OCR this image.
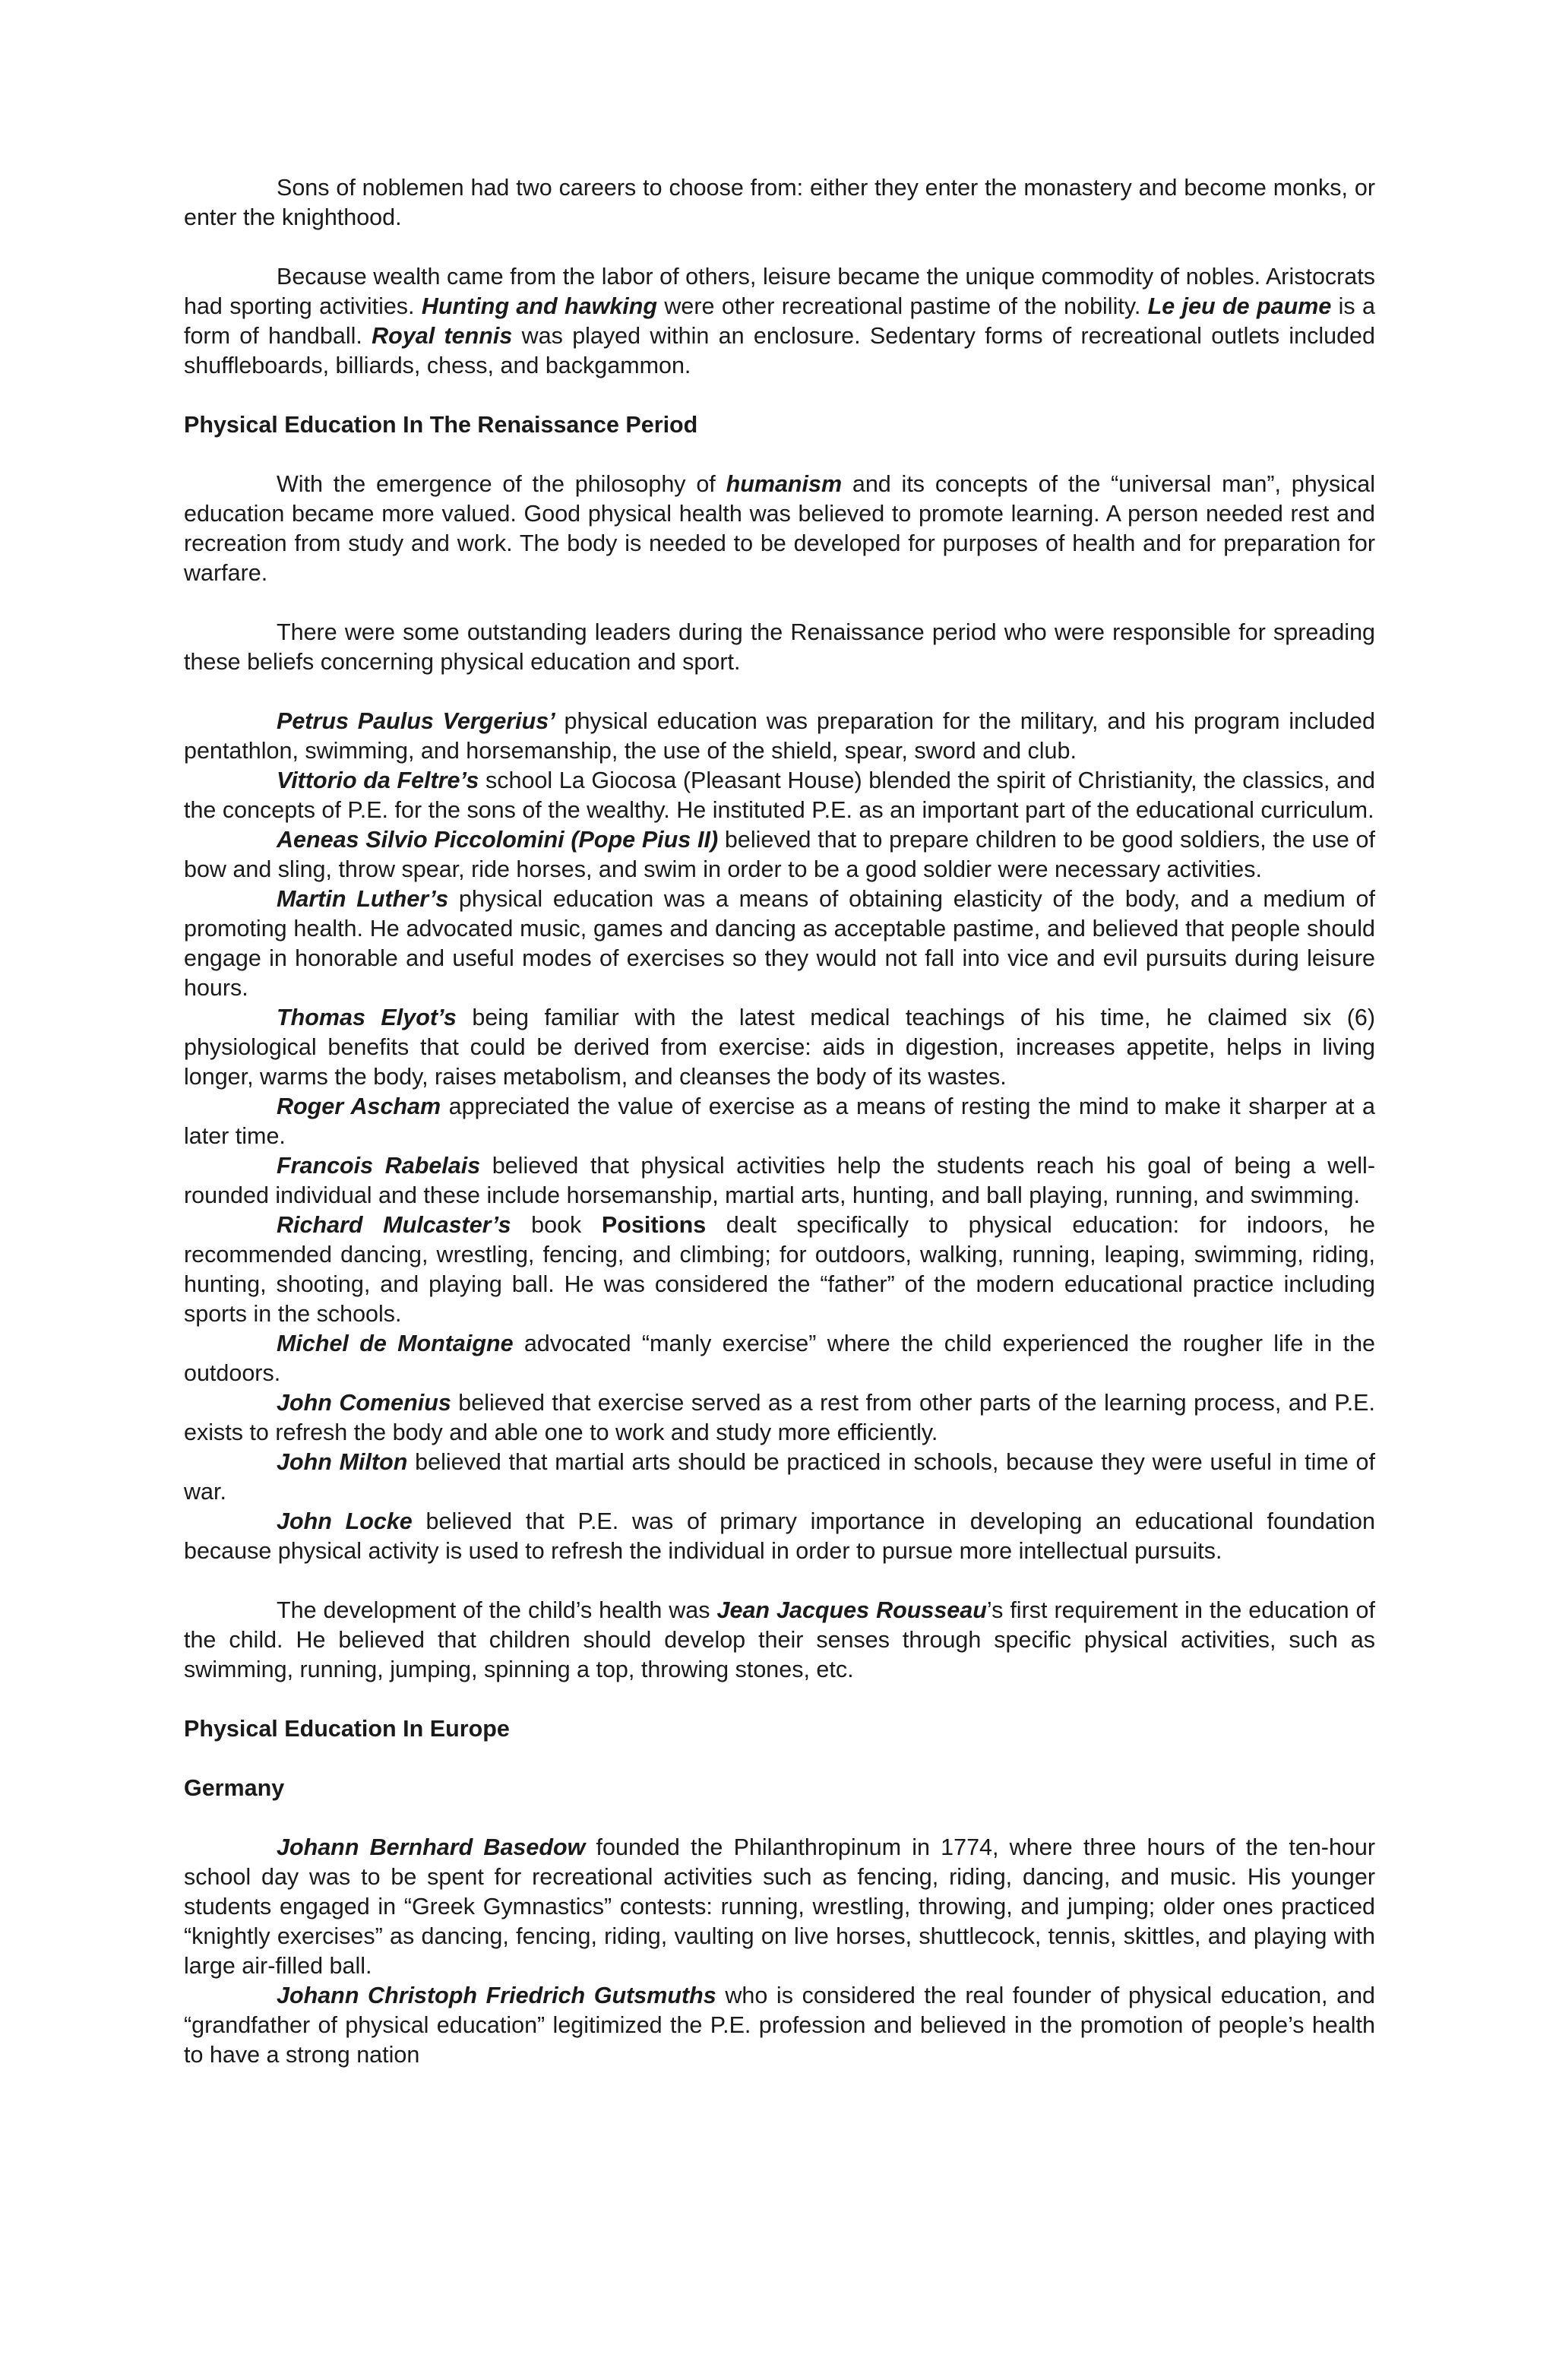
Sons of noblemen had two careers to choose from: either they enter the monastery and become monks, or enter the knighthood.

Because wealth came from the labor of others, leisure became the unique commodity of nobles. Aristocrats had sporting activities. Hunting and hawking were other recreational pastime of the nobility. Le jeu de paume is a form of handball. Royal tennis was played within an enclosure. Sedentary forms of recreational outlets included shuffleboards, billiards, chess, and backgammon.

Physical Education In The Renaissance Period

With the emergence of the philosophy of humanism and its concepts of the “universal man”, physical education became more valued. Good physical health was believed to promote learning. A person needed rest and recreation from study and work. The body is needed to be developed for purposes of health and for preparation for warfare.

There were some outstanding leaders during the Renaissance period who were responsible for spreading these beliefs concerning physical education and sport.

Petrus Paulus Vergerius’ physical education was preparation for the military, and his program included pentathlon, swimming, and horsemanship, the use of the shield, spear, sword and club.

Vittorio da Feltre’s school La Giocosa (Pleasant House) blended the spirit of Christianity, the classics, and the concepts of P.E. for the sons of the wealthy. He instituted P.E. as an important part of the educational curriculum.

Aeneas Silvio Piccolomini (Pope Pius II) believed that to prepare children to be good soldiers, the use of bow and sling, throw spear, ride horses, and swim in order to be a good soldier were necessary activities.

Martin Luther’s physical education was a means of obtaining elasticity of the body, and a medium of promoting health. He advocated music, games and dancing as acceptable pastime, and believed that people should engage in honorable and useful modes of exercises so they would not fall into vice and evil pursuits during leisure hours.

Thomas Elyot’s being familiar with the latest medical teachings of his time, he claimed six (6) physiological benefits that could be derived from exercise: aids in digestion, increases appetite, helps in living longer, warms the body, raises metabolism, and cleanses the body of its wastes.

Roger Ascham appreciated the value of exercise as a means of resting the mind to make it sharper at a later time.

Francois Rabelais believed that physical activities help the students reach his goal of being a well-rounded individual and these include horsemanship, martial arts, hunting, and ball playing, running, and swimming.

Richard Mulcaster’s book Positions dealt specifically to physical education: for indoors, he recommended dancing, wrestling, fencing, and climbing; for outdoors, walking, running, leaping, swimming, riding, hunting, shooting, and playing ball. He was considered the “father” of the modern educational practice including sports in the schools.

Michel de Montaigne advocated “manly exercise” where the child experienced the rougher life in the outdoors.

John Comenius believed that exercise served as a rest from other parts of the learning process, and P.E. exists to refresh the body and able one to work and study more efficiently.

John Milton believed that martial arts should be practiced in schools, because they were useful in time of war.

John Locke believed that P.E. was of primary importance in developing an educational foundation because physical activity is used to refresh the individual in order to pursue more intellectual pursuits.

The development of the child’s health was Jean Jacques Rousseau’s first requirement in the education of the child. He believed that children should develop their senses through specific physical activities, such as swimming, running, jumping, spinning a top, throwing stones, etc.

Physical Education In Europe

Germany

Johann Bernhard Basedow founded the Philanthropinum in 1774, where three hours of the ten-hour school day was to be spent for recreational activities such as fencing, riding, dancing, and music. His younger students engaged in “Greek Gymnastics” contests: running, wrestling, throwing, and jumping; older ones practiced “knightly exercises” as dancing, fencing, riding, vaulting on live horses, shuttlecock, tennis, skittles, and playing with large air-filled ball.

Johann Christoph Friedrich Gutsmuths who is considered the real founder of physical education, and “grandfather of physical education” legitimized the P.E. profession and believed in the promotion of people’s health to have a strong nation
